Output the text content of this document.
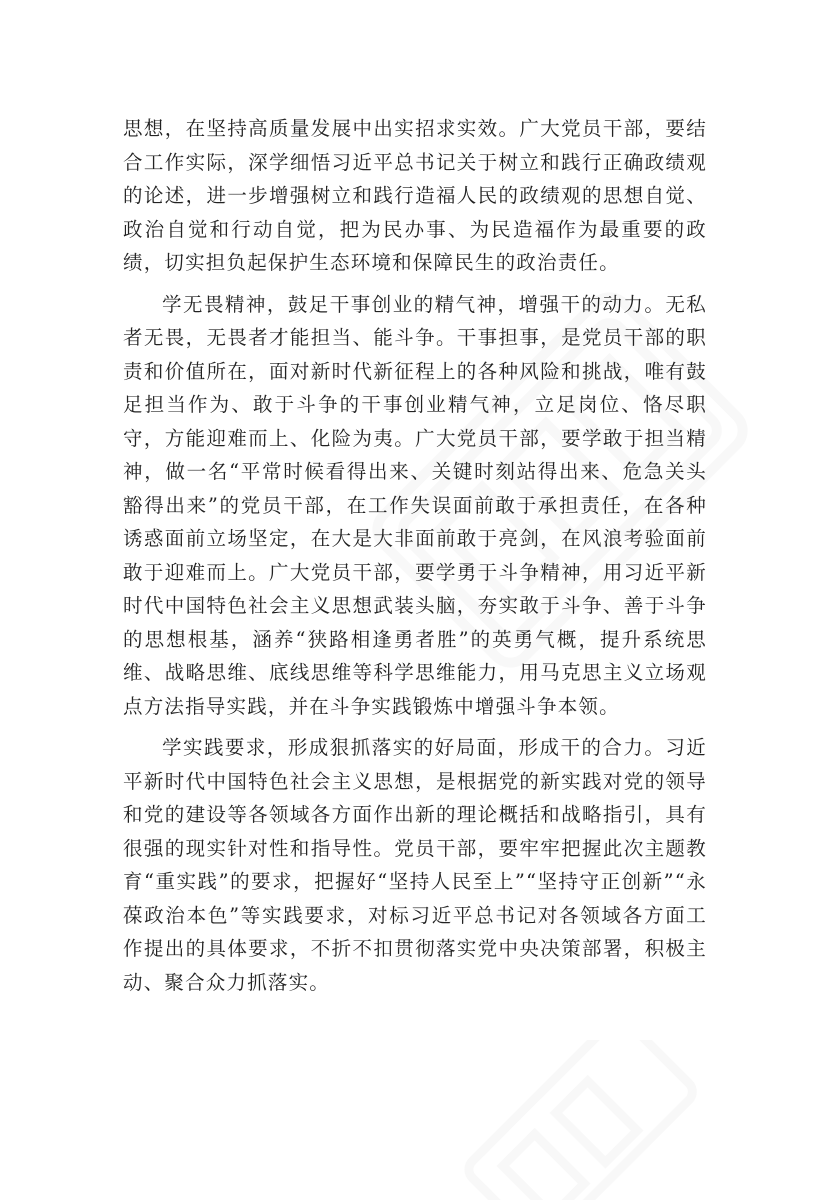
思想，在坚持高质量发展中出实招求实效。广大党员干部，要结合工作实际，深学细悟习近平总书记关于树立和践行正确政绩观的论述，进一步增强树立和践行造福人民的政绩观的思想自觉、政治自觉和行动自觉，把为民办事、为民造福作为最重要的政绩，切实担负起保护生态环境和保障民生的政治责任。

学无畏精神，鼓足干事创业的精气神，增强干的动力。无私者无畏，无畏者才能担当、能斗争。干事担事，是党员干部的职责和价值所在，面对新时代新征程上的各种风险和挑战，唯有鼓足担当作为、敢于斗争的干事创业精气神，立足岗位、恪尽职守，方能迎难而上、化险为夷。广大党员干部，要学敢于担当精神，做一名“平常时候看得出来、关键时刻站得出来、危急关头豁得出来”的党员干部，在工作失误面前敢于承担责任，在各种诱惑面前立场坚定，在大是大非面前敢于亮剑，在风浪考验面前敢于迎难而上。广大党员干部，要学勇于斗争精神，用习近平新时代中国特色社会主义思想武装头脑，夯实敢于斗争、善于斗争的思想根基，涵养“狭路相逢勇者胜”的英勇气概，提升系统思维、战略思维、底线思维等科学思维能力，用马克思主义立场观点方法指导实践，并在斗争实践锻炼中增强斗争本领。

学实践要求，形成狠抓落实的好局面，形成干的合力。习近平新时代中国特色社会主义思想，是根据党的新实践对党的领导和党的建设等各领域各方面作出新的理论概括和战略指引，具有很强的现实针对性和指导性。党员干部，要牢牢把握此次主题教育“重实践”的要求，把握好“坚持人民至上”“坚持守正创新”“永葆政治本色”等实践要求，对标习近平总书记对各领域各方面工作提出的具体要求，不折不扣贯彻落实党中央决策部署，积极主动、聚合众力抓落实。
